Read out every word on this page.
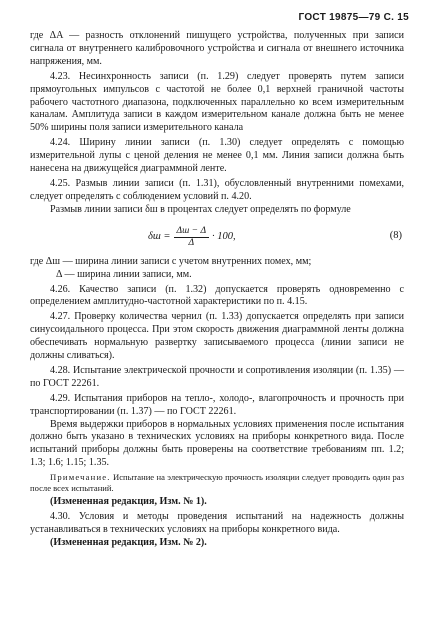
ГОСТ 19875—79 С. 15

где ΔA — разность отклонений пишущего устройства, полученных при записи сигнала от внутреннего калибровочного устройства и сигнала от внешнего источника напряжения, мм.

4.23. Несинхронность записи (п. 1.29) следует проверять путем записи прямоугольных импульсов с частотой не более 0,1 верхней граничной частоты рабочего частотного диапазона, подключенных параллельно ко всем измерительным каналам. Амплитуда записи в каждом измерительном канале должна быть не менее 50% ширины поля записи измерительного канала

4.24. Ширину линии записи (п. 1.30) следует определять с помощью измерительной лупы с ценой деления не менее 0,1 мм. Линия записи должна быть нанесена на движущейся диаграммной ленте.

4.25. Размыв линии записи (п. 1.31), обусловленный внутренними помехами, следует определять с соблюдением условий п. 4.20.

Размыв линии записи δш в процентах следует определять по формуле

$\delta ш = \frac{\Delta ш - \Delta}{\Delta} \cdot 100$,	(8)

где Δш — ширина линии записи с учетом внутренних помех, мм;

Δ — ширина линии записи, мм.

4.26. Качество записи (п. 1.32) допускается проверять одновременно с определением амплитудно-частотной характеристики по п. 4.15.

4.27. Проверку количества чернил (п. 1.33) допускается определять при записи синусоидального процесса. При этом скорость движения диаграммной ленты должна обеспечивать нормальную развертку записываемого процесса (линии записи не должны сливаться).

4.28. Испытание электрической прочности и сопротивления изоляции (п. 1.35) — по ГОСТ 22261.

4.29. Испытания приборов на тепло-, холодо-, влагопрочность и прочность при транспортировании (п. 1.37) — по ГОСТ 22261.

Время выдержки приборов в нормальных условиях применения после испытания должно быть указано в технических условиях на приборы конкретного вида. После испытаний приборы должны быть проверены на соответствие требованиям пп. 1.2; 1.3; 1.6; 1.15; 1.35.

Примечание. Испытание на электрическую прочность изоляции следует проводить один раз после всех испытаний.

(Измененная редакция, Изм. № 1).

4.30. Условия и методы проведения испытаний на надежность должны устанавливаться в технических условиях на приборы конкретного вида.

(Измененная редакция, Изм. № 2).
